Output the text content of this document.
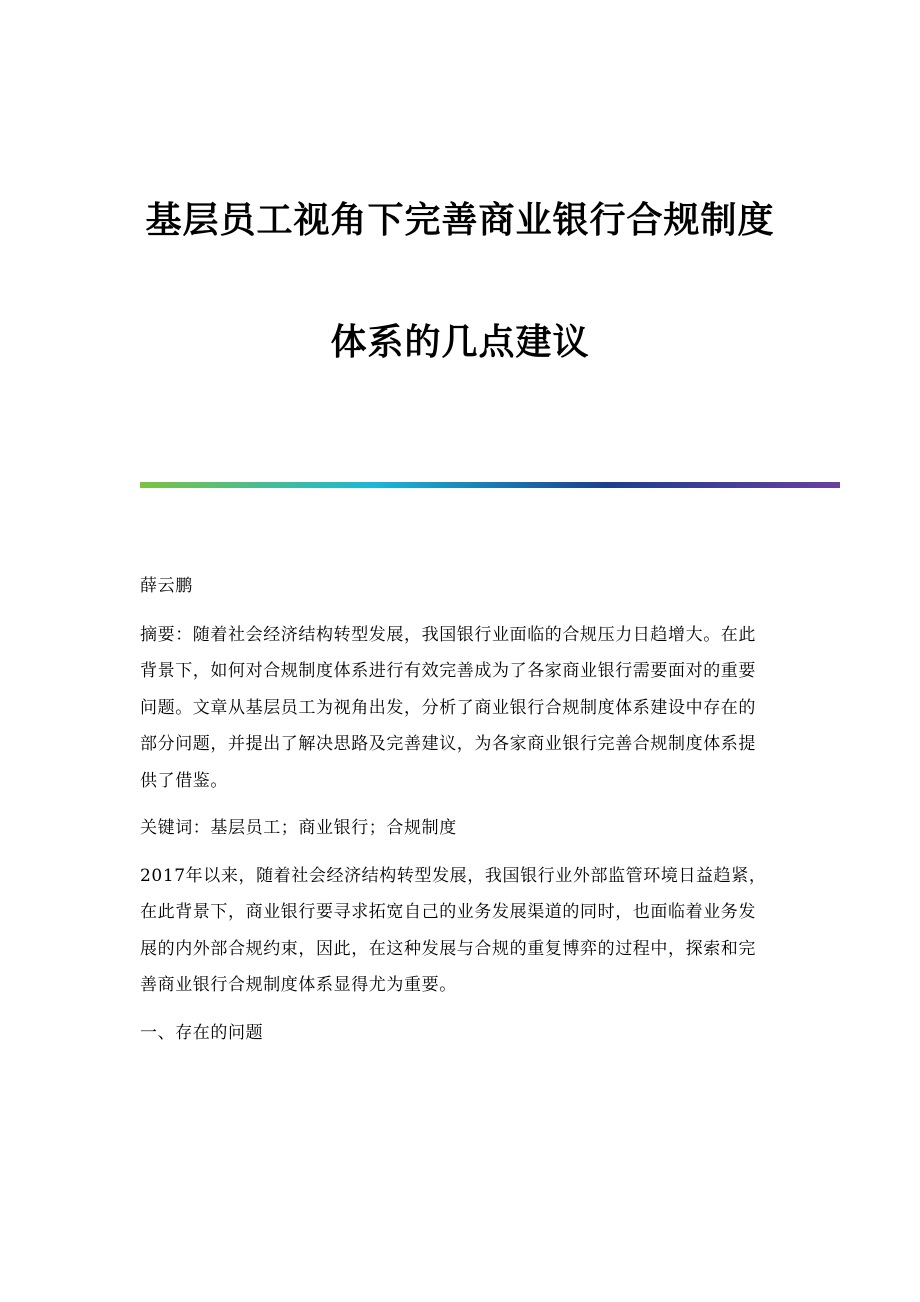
基层员工视角下完善商业银行合规制度
体系的几点建议

薛云鹏

摘要：随着社会经济结构转型发展，我国银行业面临的合规压力日趋增大。在此背景下，如何对合规制度体系进行有效完善成为了各家商业银行需要面对的重要问题。文章从基层员工为视角出发，分析了商业银行合规制度体系建设中存在的部分问题，并提出了解决思路及完善建议，为各家商业银行完善合规制度体系提供了借鉴。

关键词：基层员工；商业银行；合规制度

2017年以来，随着社会经济结构转型发展，我国银行业外部监管环境日益趋紧，在此背景下，商业银行要寻求拓宽自己的业务发展渠道的同时，也面临着业务发展的内外部合规约束，因此，在这种发展与合规的重复博弈的过程中，探索和完善商业银行合规制度体系显得尤为重要。

一、存在的问题
